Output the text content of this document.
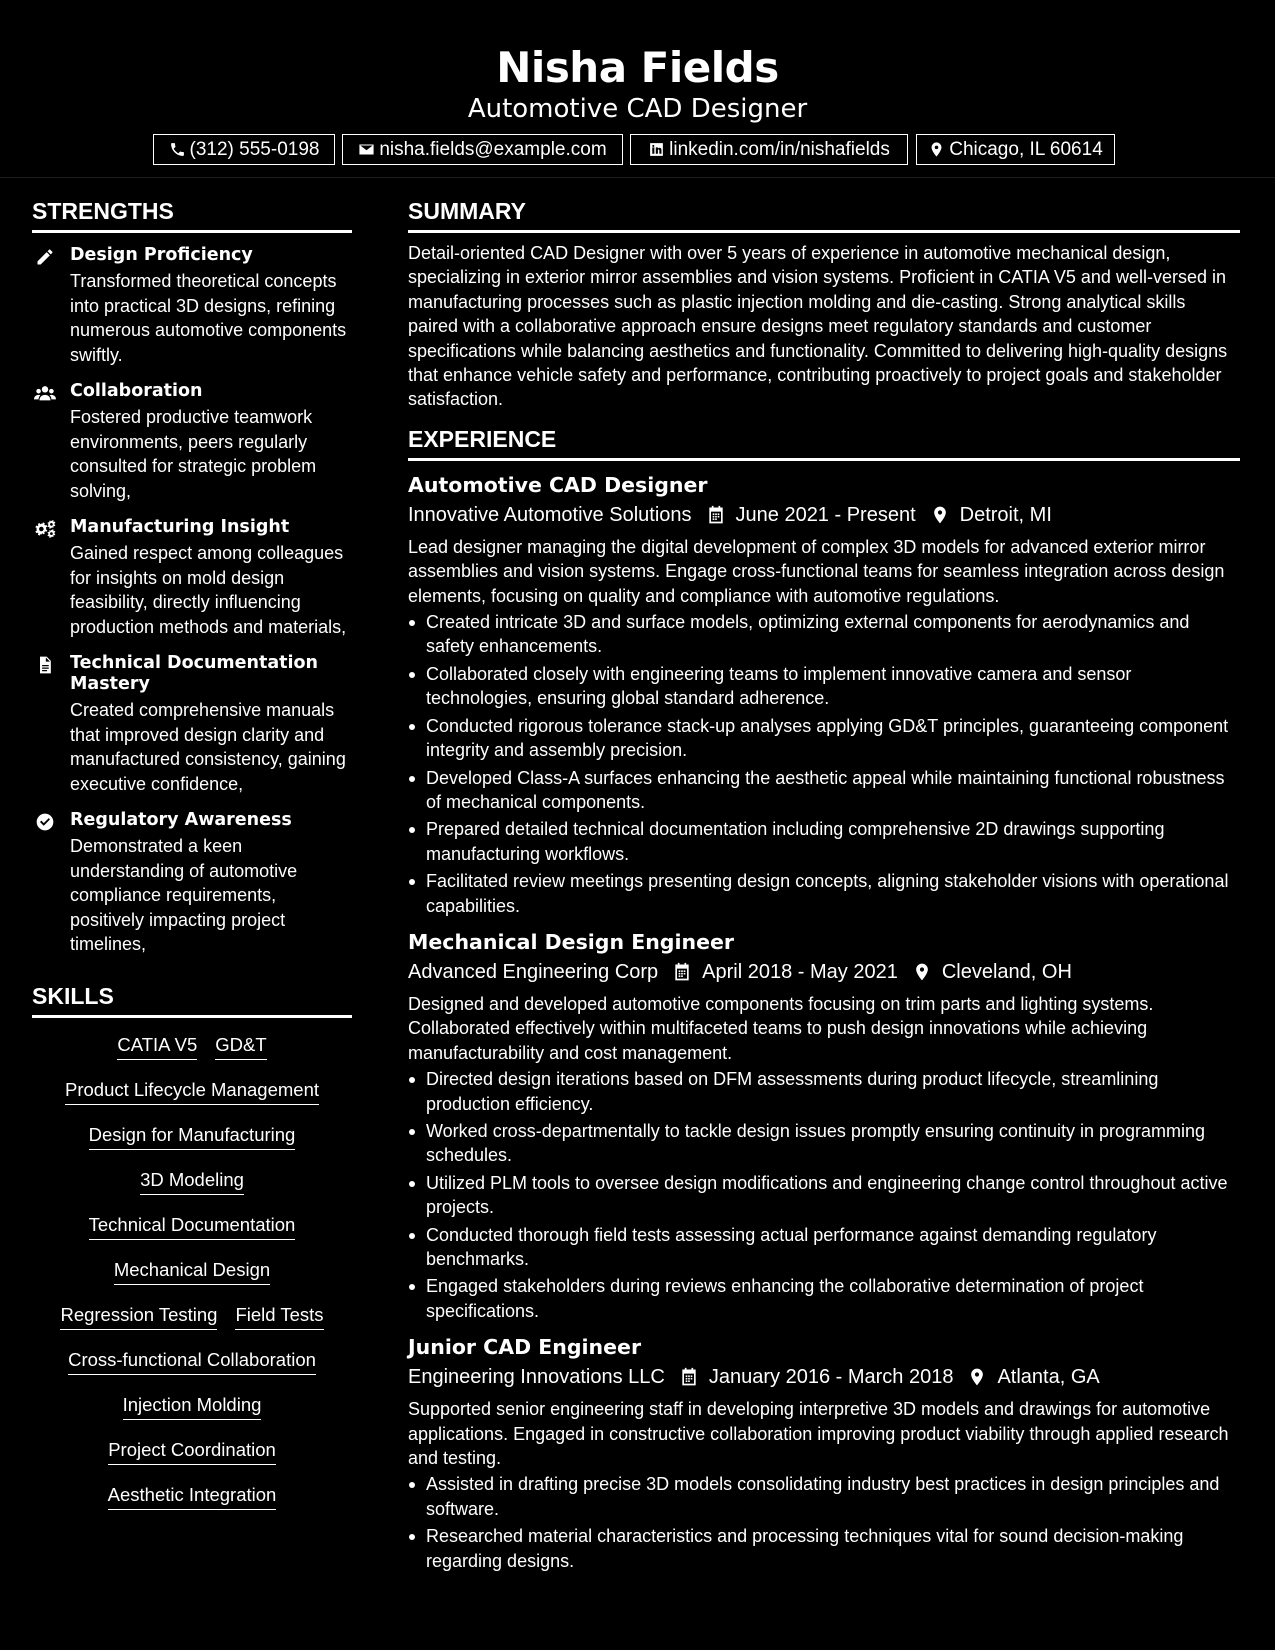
Nisha Fields
Automotive CAD Designer
(312) 555-0198	nisha.fields@example.com	linkedin.com/in/nishafields	Chicago, IL 60614
STRENGTHS
Design Proficiency
Transformed theoretical concepts into practical 3D designs, refining numerous automotive components swiftly.
Collaboration
Fostered productive teamwork environments, peers regularly consulted for strategic problem solving,
Manufacturing Insight
Gained respect among colleagues for insights on mold design feasibility, directly influencing production methods and materials,
Technical Documentation Mastery
Created comprehensive manuals that improved design clarity and manufactured consistency, gaining executive confidence,
Regulatory Awareness
Demonstrated a keen understanding of automotive compliance requirements, positively impacting project timelines,
SKILLS
CATIA V5 GD&T
Product Lifecycle Management
Design for Manufacturing
3D Modeling
Technical Documentation
Mechanical Design
Regression Testing Field Tests
Cross-functional Collaboration
Injection Molding
Project Coordination
Aesthetic Integration
SUMMARY
Detail-oriented CAD Designer with over 5 years of experience in automotive mechanical design, specializing in exterior mirror assemblies and vision systems. Proficient in CATIA V5 and well-versed in manufacturing processes such as plastic injection molding and die-casting. Strong analytical skills paired with a collaborative approach ensure designs meet regulatory standards and customer specifications while balancing aesthetics and functionality. Committed to delivering high-quality designs that enhance vehicle safety and performance, contributing proactively to project goals and stakeholder satisfaction.
EXPERIENCE
Automotive CAD Designer
Innovative Automotive Solutions June 2021 - Present Detroit, MI
Lead designer managing the digital development of complex 3D models for advanced exterior mirror assemblies and vision systems. Engage cross-functional teams for seamless integration across design elements, focusing on quality and compliance with automotive regulations.
Created intricate 3D and surface models, optimizing external components for aerodynamics and safety enhancements.
Collaborated closely with engineering teams to implement innovative camera and sensor technologies, ensuring global standard adherence.
Conducted rigorous tolerance stack-up analyses applying GD&T principles, guaranteeing component integrity and assembly precision.
Developed Class-A surfaces enhancing the aesthetic appeal while maintaining functional robustness of mechanical components.
Prepared detailed technical documentation including comprehensive 2D drawings supporting manufacturing workflows.
Facilitated review meetings presenting design concepts, aligning stakeholder visions with operational capabilities.
Mechanical Design Engineer
Advanced Engineering Corp April 2018 - May 2021 Cleveland, OH
Designed and developed automotive components focusing on trim parts and lighting systems. Collaborated effectively within multifaceted teams to push design innovations while achieving manufacturability and cost management.
Directed design iterations based on DFM assessments during product lifecycle, streamlining production efficiency.
Worked cross-departmentally to tackle design issues promptly ensuring continuity in programming schedules.
Utilized PLM tools to oversee design modifications and engineering change control throughout active projects.
Conducted thorough field tests assessing actual performance against demanding regulatory benchmarks.
Engaged stakeholders during reviews enhancing the collaborative determination of project specifications.
Junior CAD Engineer
Engineering Innovations LLC January 2016 - March 2018 Atlanta, GA
Supported senior engineering staff in developing interpretive 3D models and drawings for automotive applications. Engaged in constructive collaboration improving product viability through applied research and testing.
Assisted in drafting precise 3D models consolidating industry best practices in design principles and software.
Researched material characteristics and processing techniques vital for sound decision-making regarding designs.
